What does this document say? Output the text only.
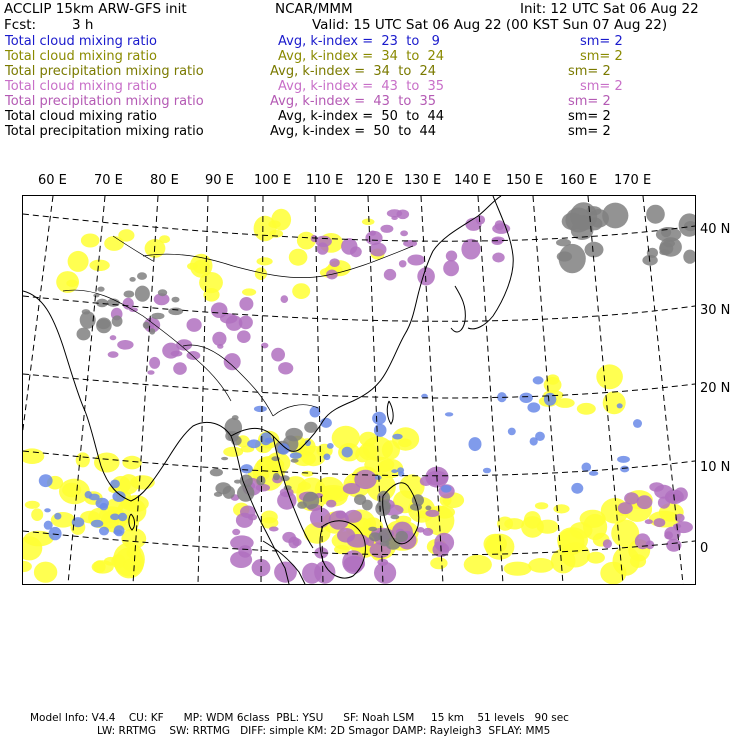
ACCLIP 15km ARW-GFS init	NCAR/MMM	Init: 12 UTC Sat 06 Aug 22
Fcst:	3 h	Valid: 15 UTC Sat 06 Aug 22 (00 KST Sun 07 Aug 22)
Total cloud mixing ratio	Avg, k-index =  23  to   9	sm= 2
Total cloud mixing ratio	Avg, k-index =  34  to  24	sm= 2
Total precipitation mixing ratio	Avg, k-index =  34  to  24	sm= 2
Total cloud mixing ratio	Avg, k-index =  43  to  35	sm= 2
Total precipitation mixing ratio	Avg, k-index =  43  to  35	sm= 2
Total cloud mixing ratio	Avg, k-index =  50  to  44	sm= 2
Total precipitation mixing ratio	Avg, k-index =  50  to  44	sm= 2
60 E 70 E 80 E 90 E 100 E 110 E 120 E 130 E 140 E 150 E 160 E 170 E
40 N
30 N
20 N
10 N
0
Model Info: V4.4    CU: KF      MP: WDM 6class  PBL: YSU      SF: Noah LSM     15 km    51 levels   90 sec
LW: RRTMG    SW: RRTMG   DIFF: simple KM: 2D Smagor DAMP: Rayleigh3  SFLAY: MM5
